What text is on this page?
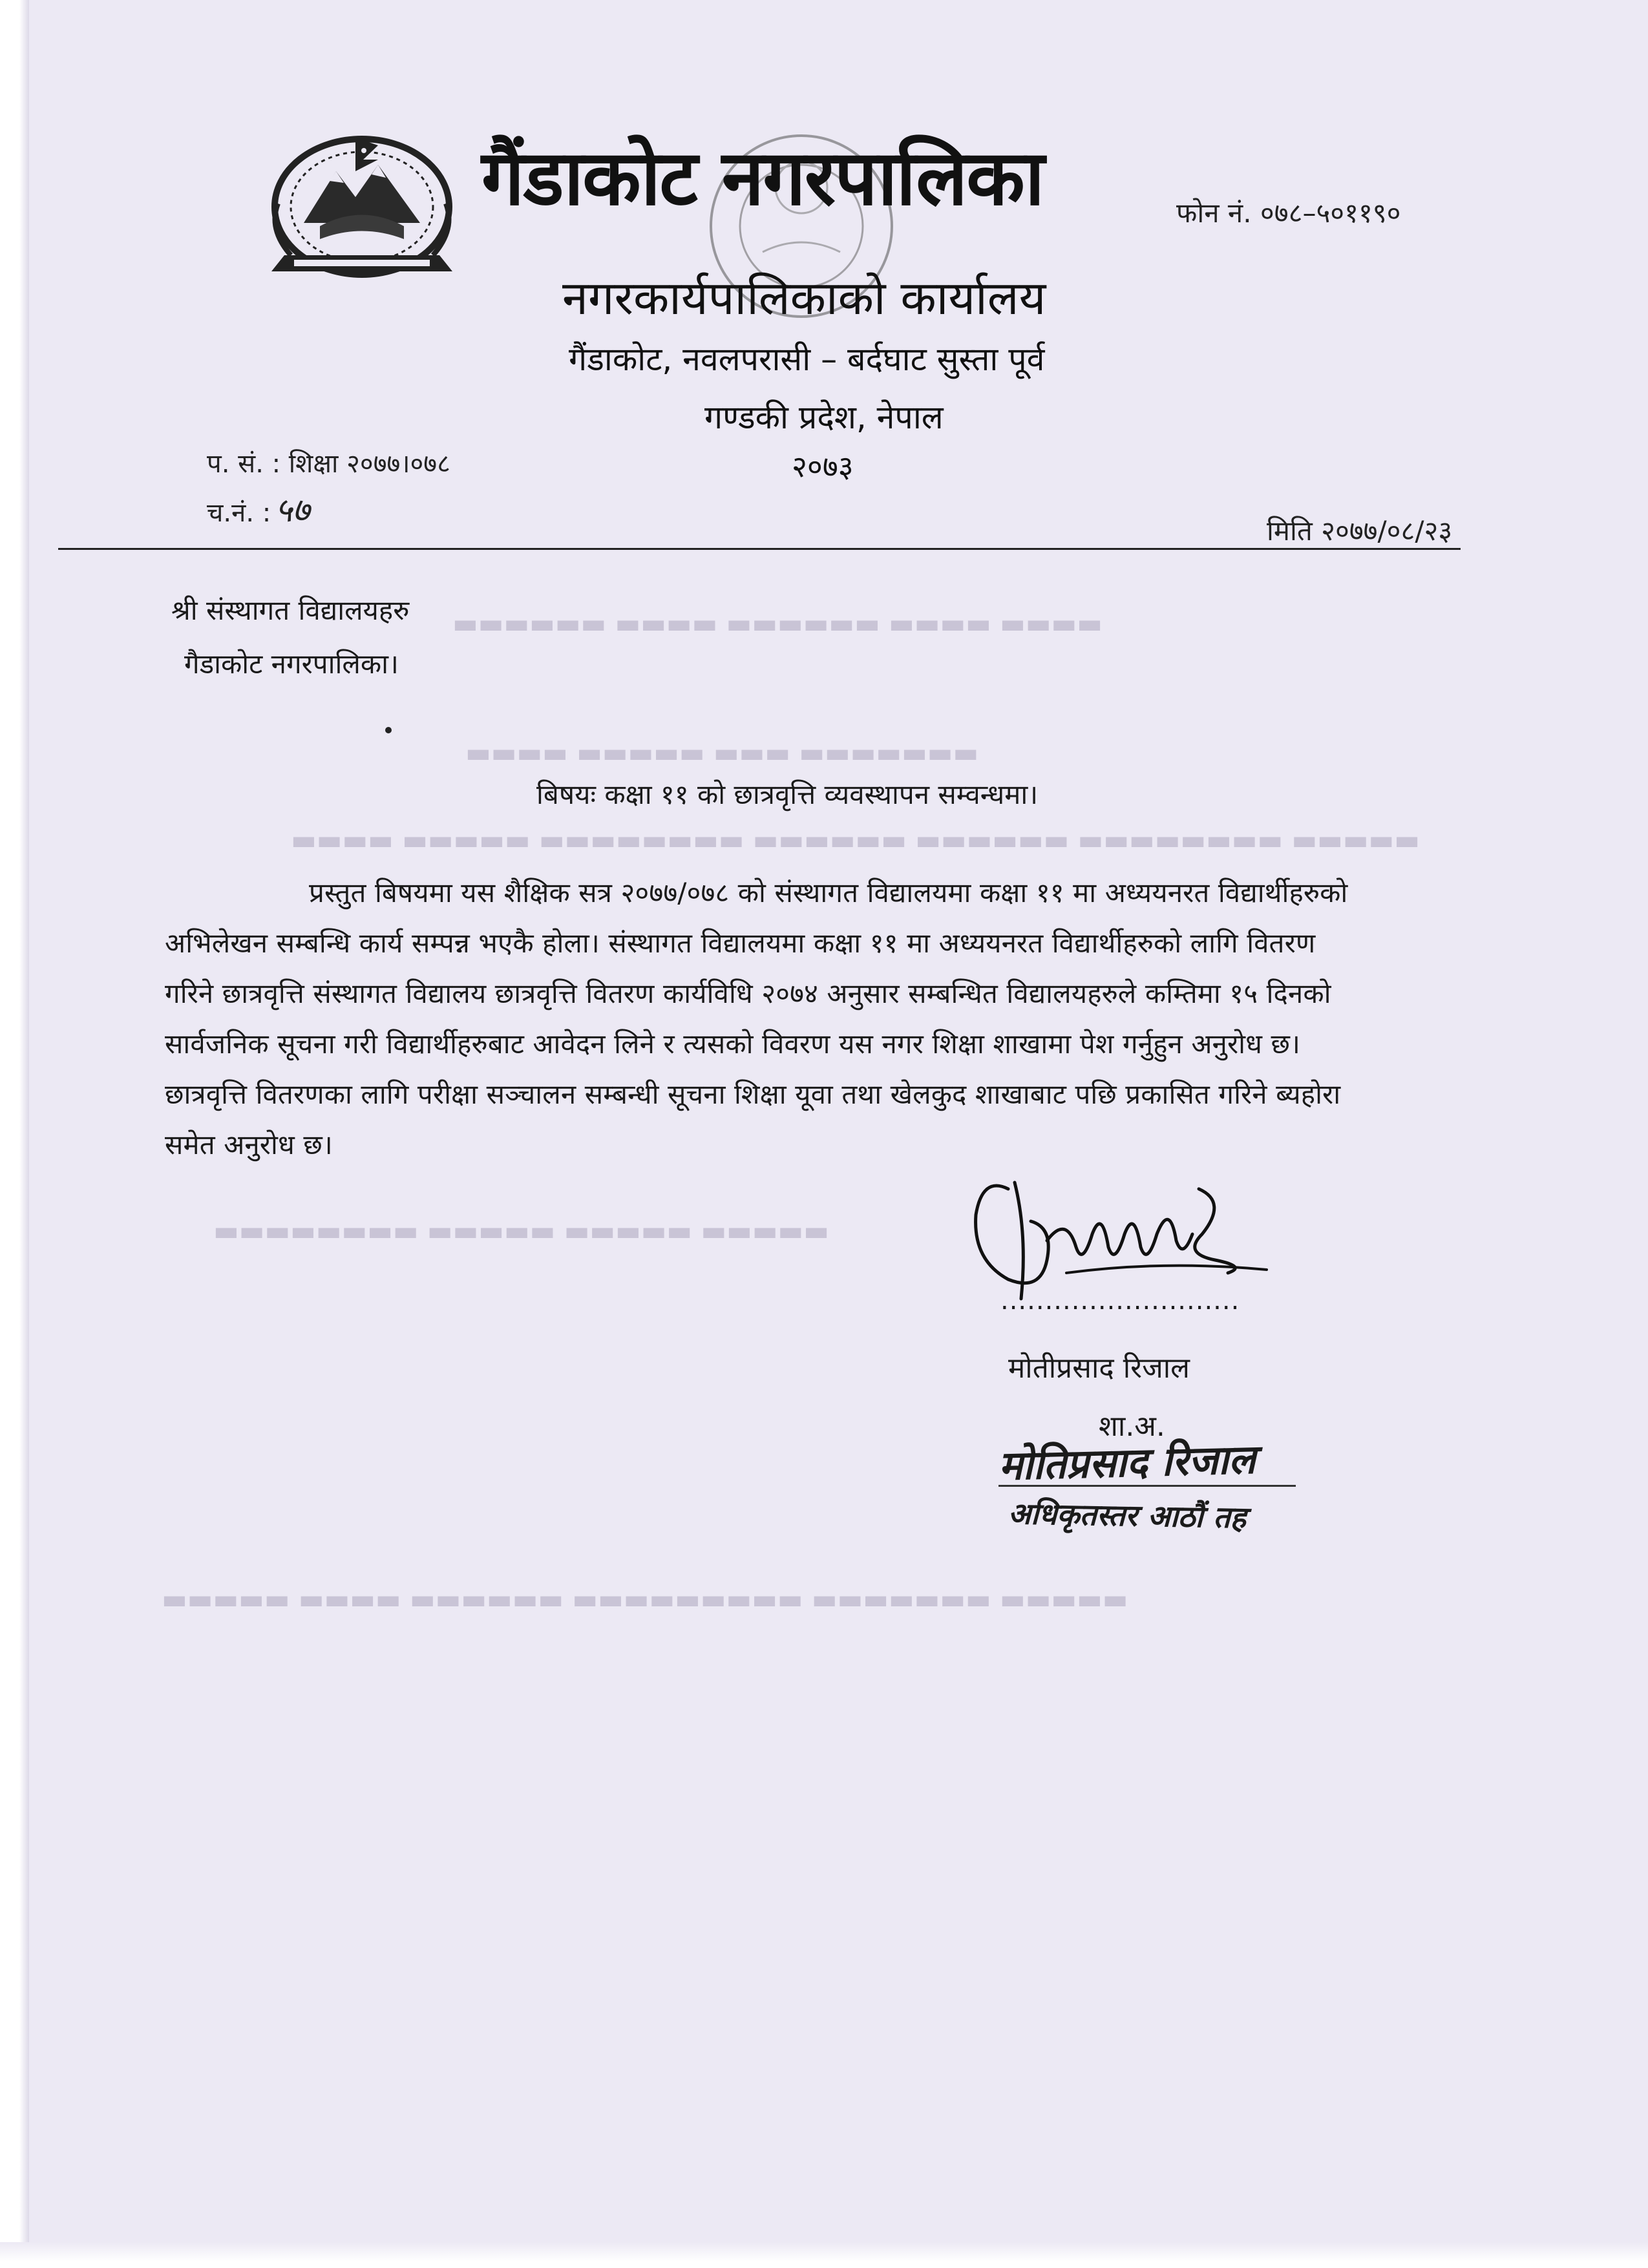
▬▬▬▬▬▬ ▬▬▬▬ ▬▬▬▬▬▬ ▬▬▬▬ ▬▬▬▬
▬▬▬▬ ▬▬▬▬▬ ▬▬▬ ▬▬▬▬▬▬▬
▬▬▬▬ ▬▬▬▬▬ ▬▬▬▬▬▬▬▬ ▬▬▬▬▬▬ ▬▬▬▬▬▬ ▬▬▬▬▬▬▬▬ ▬▬▬▬▬
▬▬▬▬▬▬▬▬ ▬▬▬▬▬ ▬▬▬▬▬ ▬▬▬▬▬
▬▬▬▬▬ ▬▬▬▬ ▬▬▬▬▬▬ ▬▬▬▬▬▬▬▬▬ ▬▬▬▬▬▬▬ ▬▬▬▬▬
गैंडाकोट नगरपालिका	फोन नं. ०७८–५०११९०
नगरकार्यपालिकाको कार्यालय
गैंडाकोट, नवलपरासी – बर्दघाट सुस्ता पूर्व
गण्डकी प्रदेश, नेपाल
२०७३
प. सं. : शिक्षा २०७७।०७८
च.नं. : ५७
मिति २०७७/०८/२३
श्री संस्थागत विद्यालयहरु
गैडाकोट नगरपालिका।
बिषयः कक्षा ११ को छात्रवृत्ति व्यवस्थापन सम्वन्धमा।
प्रस्तुत बिषयमा यस शैक्षिक सत्र २०७७/०७८ को संस्थागत विद्यालयमा कक्षा ११ मा अध्ययनरत विद्यार्थीहरुको
अभिलेखन सम्बन्धि कार्य सम्पन्न भएकै होला। संस्थागत विद्यालयमा कक्षा ११ मा अध्ययनरत विद्यार्थीहरुको लागि वितरण
गरिने छात्रवृत्ति संस्थागत विद्यालय छात्रवृत्ति वितरण कार्यविधि २०७४ अनुसार सम्बन्धित विद्यालयहरुले कम्तिमा १५ दिनको
सार्वजनिक सूचना गरी विद्यार्थीहरुबाट आवेदन लिने र त्यसको विवरण यस नगर शिक्षा शाखामा पेश गर्नुहुन अनुरोध छ।
छात्रवृत्ति वितरणका लागि परीक्षा सञ्चालन सम्बन्धी सूचना शिक्षा यूवा तथा खेलकुद शाखाबाट पछि प्रकासित गरिने ब्यहोरा
समेत अनुरोध छ।
...........................
मोतीप्रसाद रिजाल
शा.अ.
मोतिप्रसाद रिजाल
अधिकृतस्तर आठौं तह
